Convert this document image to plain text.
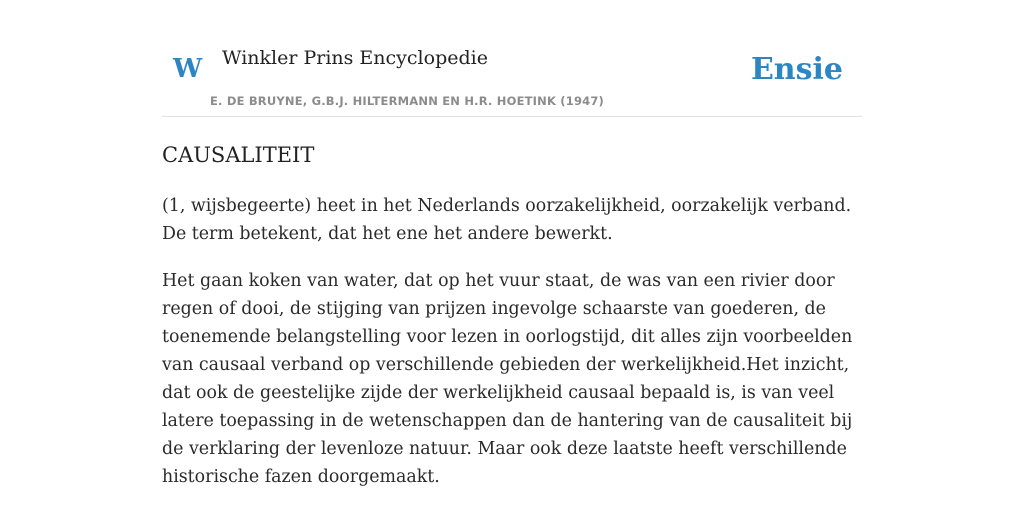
W Winkler Prins Encyclopedie
E. DE BRUYNE, G.B.J. HILTERMANN EN H.R. HOETINK (1947)
Ensie
CAUSALITEIT

(1, wijsbegeerte) heet in het Nederlands oorzakelijkheid, oorzakelijk verband. De term betekent, dat het ene het andere bewerkt.

Het gaan koken van water, dat op het vuur staat, de was van een rivier door regen of dooi, de stijging van prijzen ingevolge schaarste van goederen, de toenemende belangstelling voor lezen in oorlogstijd, dit alles zijn voorbeelden van causaal verband op verschillende gebieden der werkelijkheid.Het inzicht, dat ook de geestelijke zijde der werkelijkheid causaal bepaald is, is van veel latere toepassing in de wetenschappen dan de hantering van de causaliteit bij de verklaring der levenloze natuur. Maar ook deze laatste heeft verschillende historische fazen doorgemaakt.
